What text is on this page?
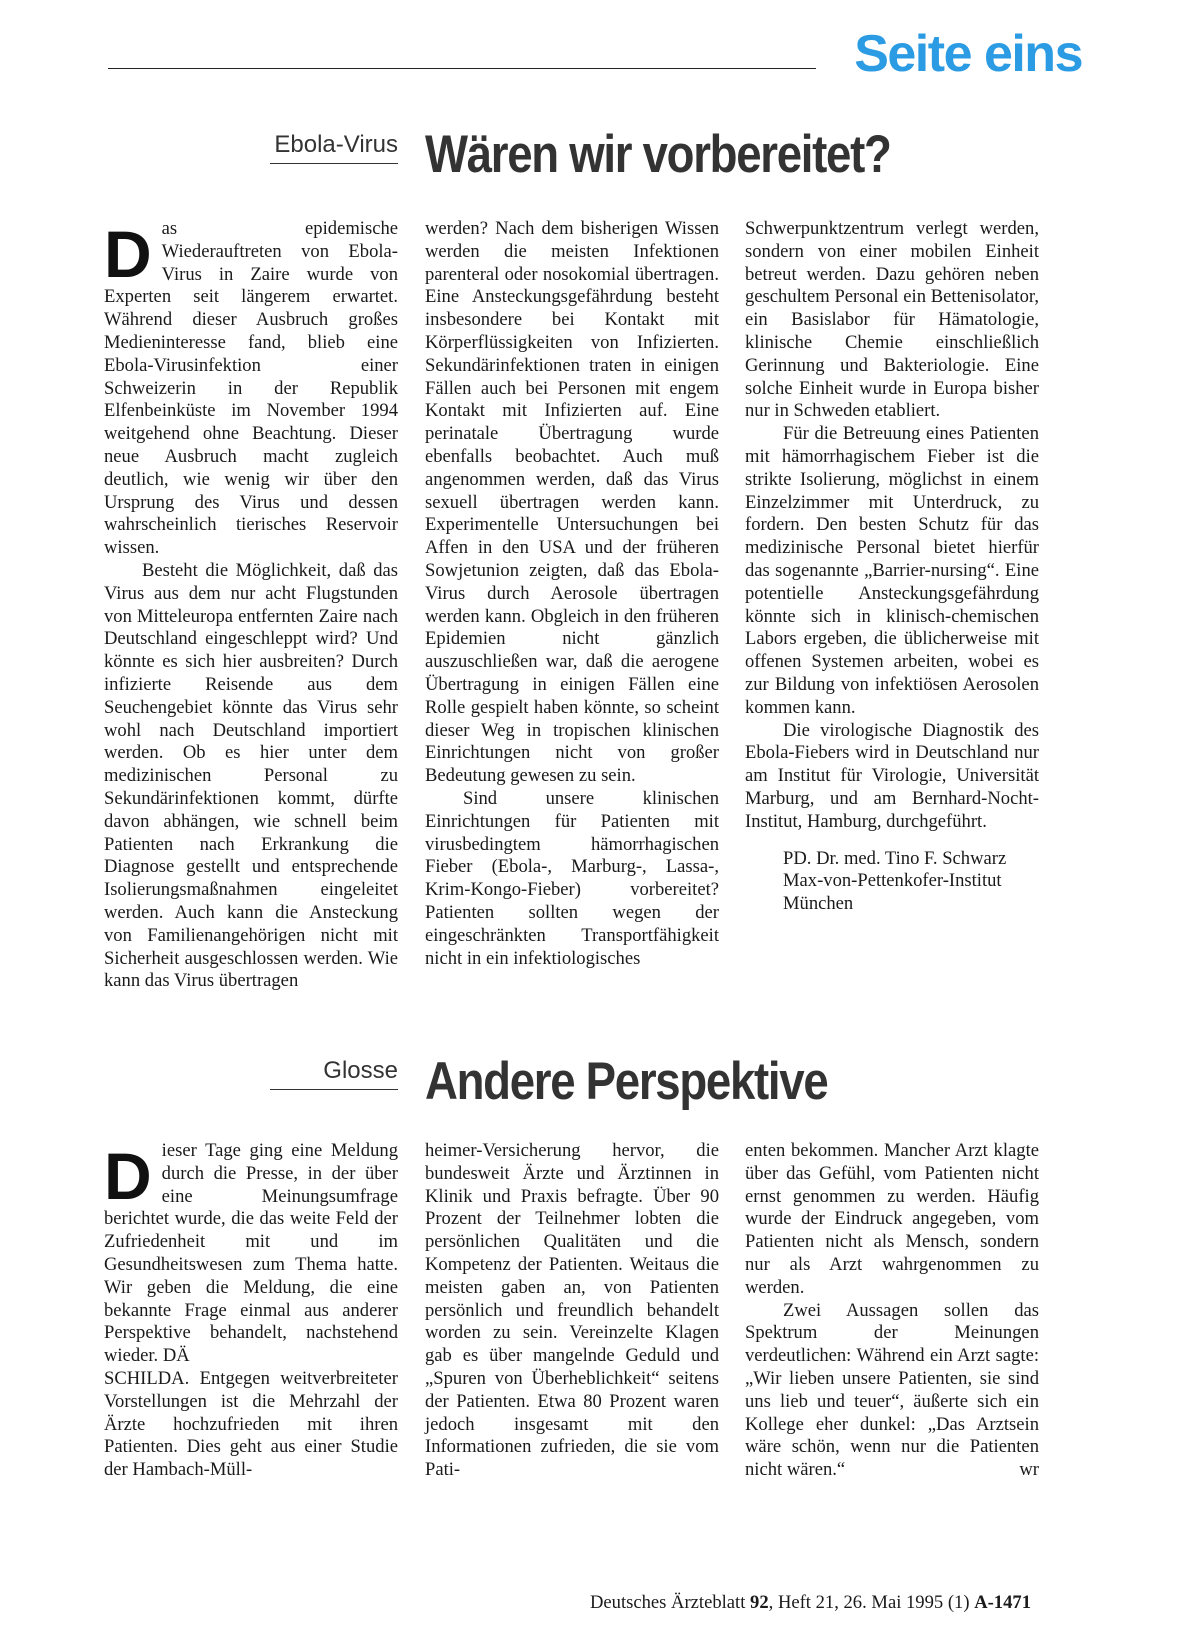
Seite eins
Ebola-Virus Wären wir vorbereitet?

Das epidemische Wiederauftreten von Ebola-Virus in Zaire wurde von Experten seit längerem erwartet. Während dieser Ausbruch großes Medieninteresse fand, blieb eine Ebola-Virusinfektion einer Schweizerin in der Republik Elfenbeinküste im November 1994 weitgehend ohne Beachtung. Dieser neue Ausbruch macht zugleich deutlich, wie wenig wir über den Ursprung des Virus und dessen wahrscheinlich tierisches Reservoir wissen.

Besteht die Möglichkeit, daß das Virus aus dem nur acht Flugstunden von Mitteleuropa entfernten Zaire nach Deutschland eingeschleppt wird? Und könnte es sich hier ausbreiten? Durch infizierte Reisende aus dem Seuchengebiet könnte das Virus sehr wohl nach Deutschland importiert werden. Ob es hier unter dem medizinischen Personal zu Sekundärinfektionen kommt, dürfte davon abhängen, wie schnell beim Patienten nach Erkrankung die Diagnose gestellt und entsprechende Isolierungsmaßnahmen eingeleitet werden. Auch kann die Ansteckung von Familienangehörigen nicht mit Sicherheit ausgeschlossen werden. Wie kann das Virus übertragen

werden? Nach dem bisherigen Wissen werden die meisten Infektionen parenteral oder nosokomial übertragen. Eine Ansteckungsgefährdung besteht insbesondere bei Kontakt mit Körperflüssigkeiten von Infizierten. Sekundärinfektionen traten in einigen Fällen auch bei Personen mit engem Kontakt mit Infizierten auf. Eine perinatale Übertragung wurde ebenfalls beobachtet. Auch muß angenommen werden, daß das Virus sexuell übertragen werden kann. Experimentelle Untersuchungen bei Affen in den USA und der früheren Sowjetunion zeigten, daß das Ebola-Virus durch Aerosole übertragen werden kann. Obgleich in den früheren Epidemien nicht gänzlich auszuschließen war, daß die aerogene Übertragung in einigen Fällen eine Rolle gespielt haben könnte, so scheint dieser Weg in tropischen klinischen Einrichtungen nicht von großer Bedeutung gewesen zu sein.

Sind unsere klinischen Einrichtungen für Patienten mit virusbedingtem hämorrhagischen Fieber (Ebola-, Marburg-, Lassa-, Krim-Kongo-Fieber) vorbereitet? Patienten sollten wegen der eingeschränkten Transportfähigkeit nicht in ein infektiologisches

Schwerpunktzentrum verlegt werden, sondern von einer mobilen Einheit betreut werden. Dazu gehören neben geschultem Personal ein Bettenisolator, ein Basislabor für Hämatologie, klinische Chemie einschließlich Gerinnung und Bakteriologie. Eine solche Einheit wurde in Europa bisher nur in Schweden etabliert.

Für die Betreuung eines Patienten mit hämorrhagischem Fieber ist die strikte Isolierung, möglichst in einem Einzelzimmer mit Unterdruck, zu fordern. Den besten Schutz für das medizinische Personal bietet hierfür das sogenannte „Barrier-nursing“. Eine potentielle Ansteckungsgefährdung könnte sich in klinisch-chemischen Labors ergeben, die üblicherweise mit offenen Systemen arbeiten, wobei es zur Bildung von infektiösen Aerosolen kommen kann.

Die virologische Diagnostik des Ebola-Fiebers wird in Deutschland nur am Institut für Virologie, Universität Marburg, und am Bernhard-Nocht-Institut, Hamburg, durchgeführt.

PD. Dr. med. Tino F. Schwarz
Max-von-Pettenkofer-Institut
München

Glosse Andere Perspektive

Dieser Tage ging eine Meldung durch die Presse, in der über eine Meinungsumfrage berichtet wurde, die das weite Feld der Zufriedenheit mit und im Gesundheitswesen zum Thema hatte. Wir geben die Meldung, die eine bekannte Frage einmal aus anderer Perspektive behandelt, nachstehend wieder. DÄ

SCHILDA. Entgegen weitverbreiteter Vorstellungen ist die Mehrzahl der Ärzte hochzufrieden mit ihren Patienten. Dies geht aus einer Studie der Hambach-Müll-

heimer-Versicherung hervor, die bundesweit Ärzte und Ärztinnen in Klinik und Praxis befragte. Über 90 Prozent der Teilnehmer lobten die persönlichen Qualitäten und die Kompetenz der Patienten. Weitaus die meisten gaben an, von Patienten persönlich und freundlich behandelt worden zu sein. Vereinzelte Klagen gab es über mangelnde Geduld und „Spuren von Überheblichkeit“ seitens der Patienten. Etwa 80 Prozent waren jedoch insgesamt mit den Informationen zufrieden, die sie vom Pati-

enten bekommen. Mancher Arzt klagte über das Gefühl, vom Patienten nicht ernst genommen zu werden. Häufig wurde der Eindruck angegeben, vom Patienten nicht als Mensch, sondern nur als Arzt wahrgenommen zu werden.

Zwei Aussagen sollen das Spektrum der Meinungen verdeutlichen: Während ein Arzt sagte: „Wir lieben unsere Patienten, sie sind uns lieb und teuer“, äußerte sich ein Kollege eher dunkel: „Das Arztsein wäre schön, wenn nur die Patienten nicht wären.“	wr

Deutsches Ärzteblatt 92, Heft 21, 26. Mai 1995 (1) A-1471
